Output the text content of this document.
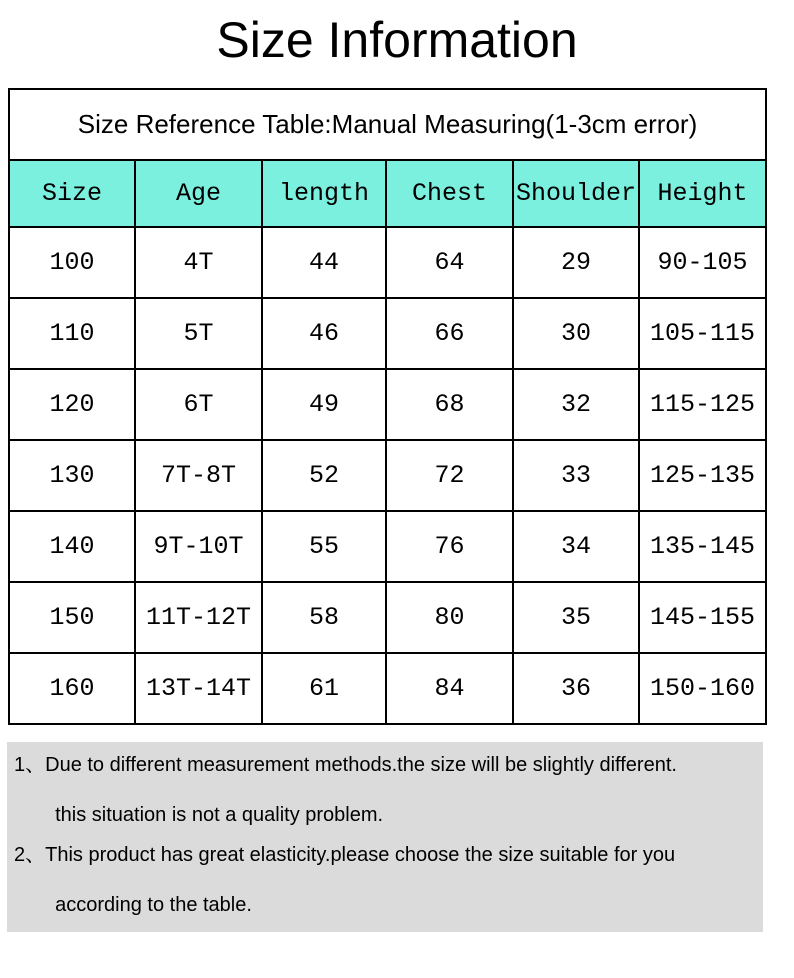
Size Information
Size Reference Table:Manual Measuring(1-3cm error)					
Size	Age	length	Chest	Shoulder	Height
100	4T	44	64	29	90-105
110	5T	46	66	30	105-115
120	6T	49	68	32	115-125
130	7T-8T	52	72	33	125-135
140	9T-10T	55	76	34	135-145
150	11T-12T	58	80	35	145-155
160	13T-14T	61	84	36	150-160
1、 Due to different measurement methods.the size will be slightly different.
this situation is not a quality problem.
2、 This product has great elasticity.please choose the size suitable for you
according to the table.
